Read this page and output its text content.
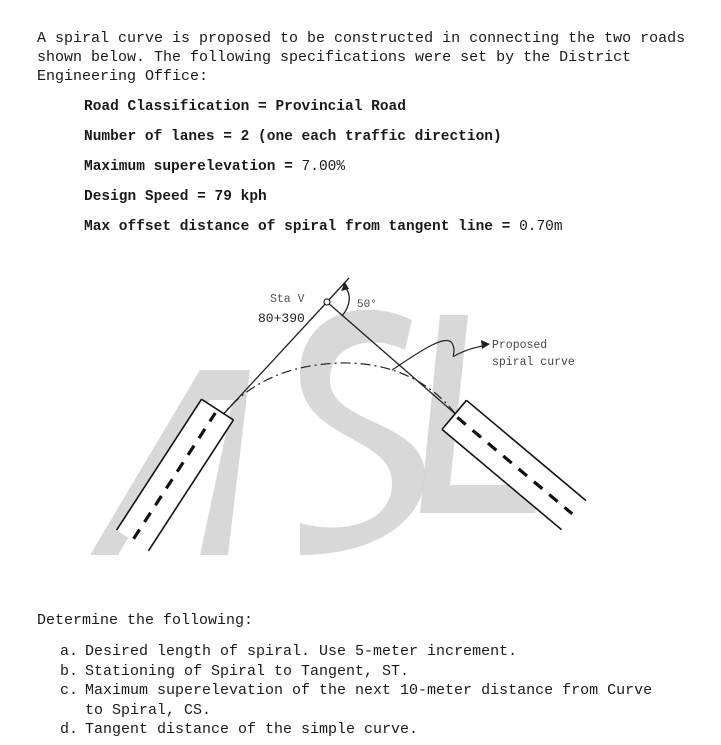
A spiral curve is proposed to be constructed in connecting the two roads shown below. The following specifications were set by the District Engineering Office:

Road Classification = Provincial Road
Number of lanes = 2 (one each traffic direction)
Maximum superelevation = 7.00%
Design Speed = 79 kph
Max offset distance of spiral from tangent line = 0.70m
Sta V
80+390
50°
Proposed
spiral curve

Determine the following:

a. Desired length of spiral. Use 5-meter increment.
b. Stationing of Spiral to Tangent, ST.
c. Maximum superelevation of the next 10-meter distance from Curve to Spiral, CS.
d. Tangent distance of the simple curve.
